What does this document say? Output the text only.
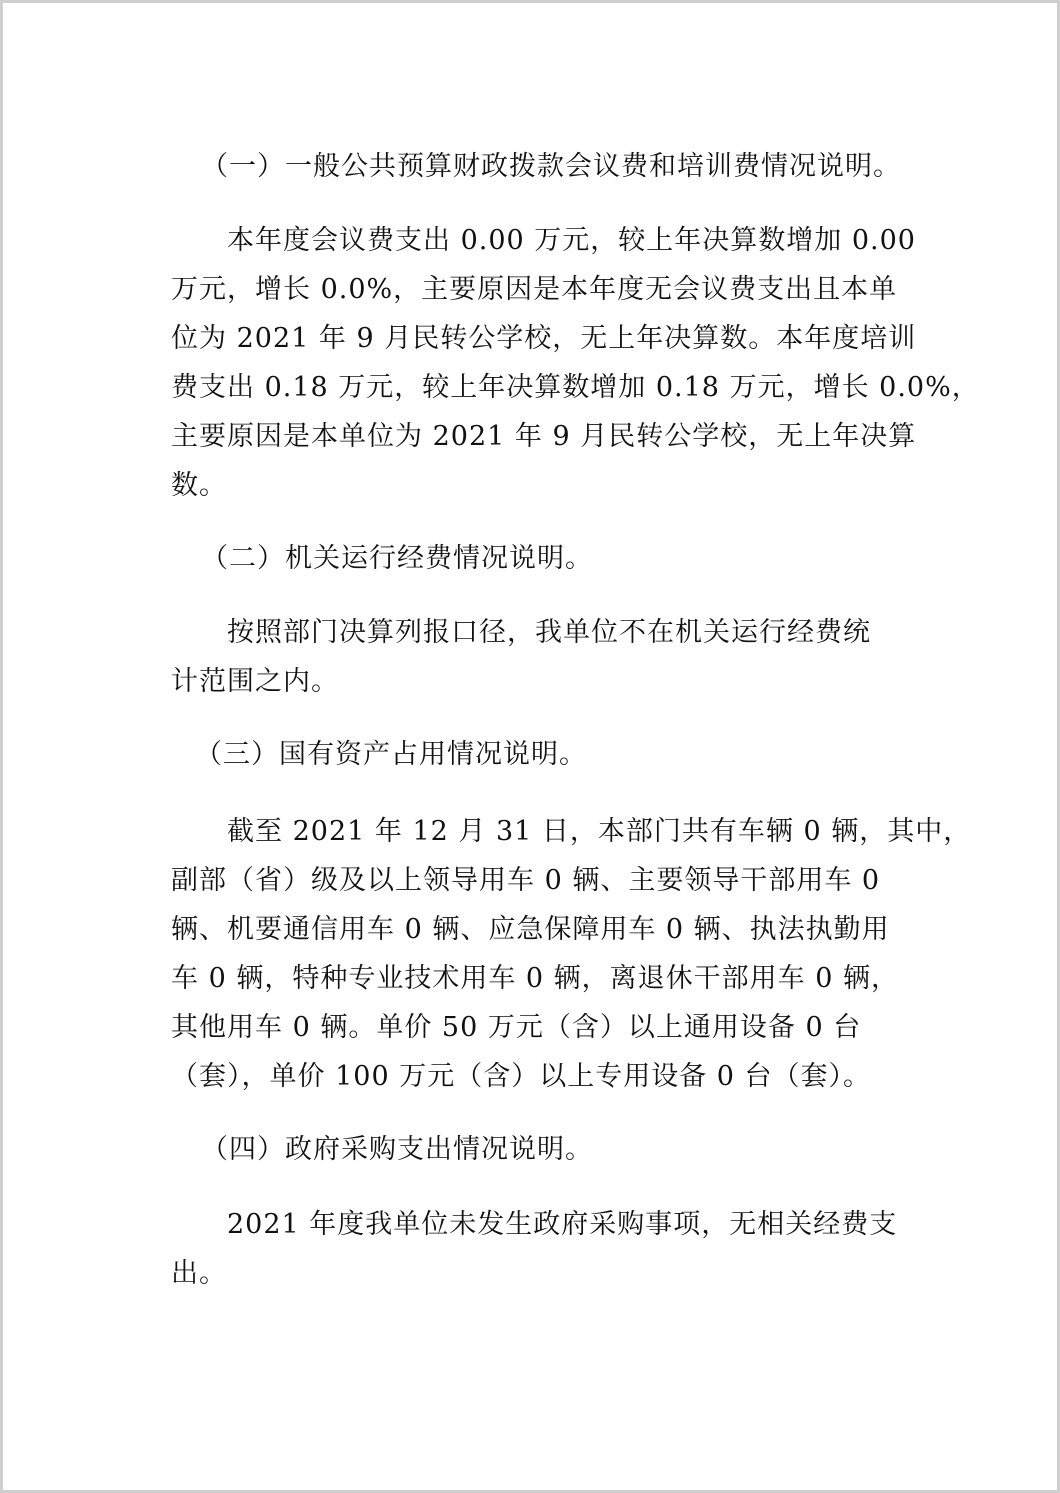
（一）一般公共预算财政拨款会议费和培训费情况说明。
本年度会议费支出 0.00 万元，较上年决算数增加 0.00
万元，增长 0.0%，主要原因是本年度无会议费支出且本单
位为 2021 年 9 月民转公学校，无上年决算数。本年度培训
费支出 0.18 万元，较上年决算数增加 0.18 万元，增长 0.0%，
主要原因是本单位为 2021 年 9 月民转公学校，无上年决算
数。
（二）机关运行经费情况说明。
按照部门决算列报口径，我单位不在机关运行经费统
计范围之内。
（三）国有资产占用情况说明。
截至 2021 年 12 月 31 日，本部门共有车辆 0 辆，其中，
副部（省）级及以上领导用车 0 辆、主要领导干部用车 0
辆、机要通信用车 0 辆、应急保障用车 0 辆、执法执勤用
车 0 辆，特种专业技术用车 0 辆，离退休干部用车 0 辆，
其他用车 0 辆。单价 50 万元（含）以上通用设备 0 台
（套），单价 100 万元（含）以上专用设备 0 台（套）。
（四）政府采购支出情况说明。
2021 年度我单位未发生政府采购事项，无相关经费支
出。
